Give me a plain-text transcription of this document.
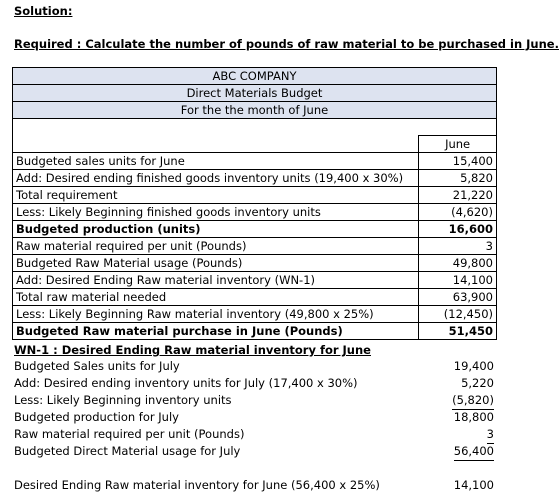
Solution:
Required : Calculate the number of pounds of raw material to be purchased in June.
ABC COMPANY	
Direct Materials Budget	
For the the month of June	

	June
Budgeted sales units for June	15,400
Add: Desired ending finished goods inventory units (19,400 x 30%)	5,820
Total requirement	21,220
Less: Likely Beginning finished goods inventory units	(4,620)
Budgeted production (units)	16,600
Raw material required per unit (Pounds)	3
Budgeted Raw Material usage (Pounds)	49,800
Add: Desired Ending Raw material inventory (WN-1)	14,100
Total raw material needed	63,900
Less: Likely Beginning Raw material inventory (49,800 x 25%)	(12,450)
Budgeted Raw material purchase in June (Pounds)	51,450
WN-1 : Desired Ending Raw material inventory for June
Budgeted Sales units for July	19,400
Add: Desired ending inventory units for July (17,400 x 30%)	5,220
Less: Likely Beginning inventory units	(5,820)
Budgeted production for July	18,800
Raw material required per unit (Pounds)	3
Budgeted Direct Material usage for July	56,400
Desired Ending Raw material inventory for June (56,400 x 25%)	14,100
